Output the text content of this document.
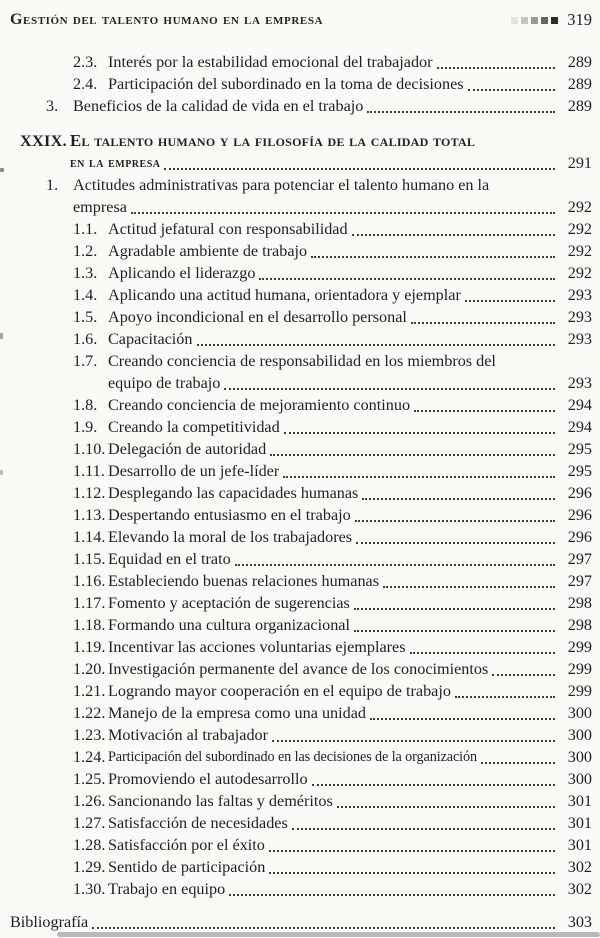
Gestión del talento humano en la empresa	319
2.3. Interés por la estabilidad emocional del trabajador	289
2.4. Participación del subordinado en la toma de decisiones	289
3. Beneficios de la calidad de vida en el trabajo	289
XXIX. El talento humano y la filosofía de la calidad total
en la empresa	291
1. Actitudes administrativas para potenciar el talento humano en la
empresa	292
1.1. Actitud jefatural con responsabilidad	292
1.2. Agradable ambiente de trabajo	292
1.3. Aplicando el liderazgo	292
1.4. Aplicando una actitud humana, orientadora y ejemplar	293
1.5. Apoyo incondicional en el desarrollo personal	293
1.6. Capacitación	293
1.7. Creando conciencia de responsabilidad en los miembros del
equipo de trabajo	293
1.8. Creando conciencia de mejoramiento continuo	294
1.9. Creando la competitividad	294
1.10. Delegación de autoridad	295
1.11. Desarrollo de un jefe-líder	295
1.12. Desplegando las capacidades humanas	296
1.13. Despertando entusiasmo en el trabajo	296
1.14. Elevando la moral de los trabajadores	296
1.15. Equidad en el trato	297
1.16. Estableciendo buenas relaciones humanas	297
1.17. Fomento y aceptación de sugerencias	298
1.18. Formando una cultura organizacional	298
1.19. Incentivar las acciones voluntarias ejemplares	299
1.20. Investigación permanente del avance de los conocimientos	299
1.21. Logrando mayor cooperación en el equipo de trabajo	299
1.22. Manejo de la empresa como una unidad	300
1.23. Motivación al trabajador	300
1.24. Participación del subordinado en las decisiones de la organización	300
1.25. Promoviendo el autodesarrollo	300
1.26. Sancionando las faltas y deméritos	301
1.27. Satisfacción de necesidades	301
1.28. Satisfacción por el éxito	301
1.29. Sentido de participación	302
1.30. Trabajo en equipo	302
Bibliografía	303
